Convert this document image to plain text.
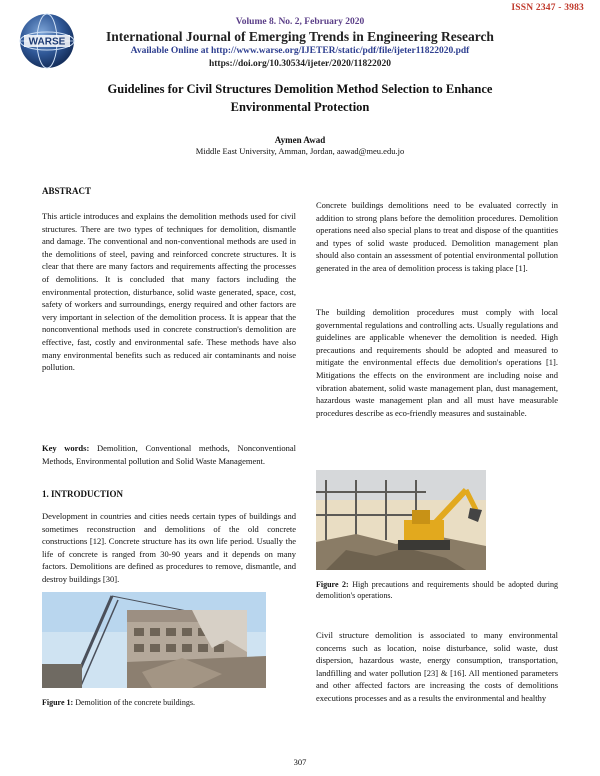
ISSN 2347 - 3983
WARSE
Volume 8. No. 2, February 2020
International Journal of Emerging Trends in Engineering Research
Available Online at http://www.warse.org/IJETER/static/pdf/file/ijeter11822020.pdf
https://doi.org/10.30534/ijeter/2020/11822020
Guidelines for Civil Structures Demolition Method Selection to Enhance Environmental Protection
Aymen Awad
Middle East University, Amman, Jordan, aawad@meu.edu.jo
ABSTRACT
This article introduces and explains the demolition methods used for civil structures. There are two types of techniques for demolition, dismantle and damage. The conventional and non-conventional methods are used in the demolitions of steel, paving and reinforced concrete structures. It is clear that there are many factors and requirements affecting the processes of demolitions. It is concluded that many factors including the environmental protection, disturbance, solid waste generated, space, cost, safety of workers and surroundings, energy required and other factors are very important in selection of the demolition process. It is appear that the nonconventional methods used in concrete construction's demolition are effective, fast, costly and environmental safe. These methods have also many environmental benefits such as reduced air contaminants and noise pollution.
Key words: Demolition, Conventional methods, Nonconventional Methods, Environmental pollution and Solid Waste Management.
1. INTRODUCTION
Development in countries and cities needs certain types of buildings and sometimes reconstruction and demolitions of the old concrete constructions [12]. Concrete structure has its own life period. Usually the life of concrete is ranged from 30-90 years and it depends on many factors. Demolitions are defined as procedures to remove, dismantle, and destroy buildings [30].
Figure 1: Demolition of the concrete buildings.
Concrete buildings demolitions need to be evaluated correctly in addition to strong plans before the demolition procedures. Demolition operations need also special plans to treat and dispose of the quantities and types of solid waste produced. Demolition management plan should also contain an assessment of potential environmental pollution generated in the area of demolition process is taking place [1].
The building demolition procedures must comply with local governmental regulations and controlling acts. Usually regulations and guidelines are applicable whenever the demolition is needed. High precautions and requirements should be adopted and measured to mitigate the environmental effects due demolition's operations [1]. Mitigations the effects on the environment are including noise and vibration abatement, solid waste management plan, dust management, hazardous waste management plan and all must have measurable procedures describe as eco-friendly measures and sustainable.
Figure 2: High precautions and requirements should be adopted during demolition's operations.
Civil structure demolition is associated to many environmental concerns such as location, noise disturbance, solid waste, dust dispersion, hazardous waste, energy consumption, transportation, landfilling and water pollution [23] & [16]. All mentioned parameters and other affected factors are increasing the costs of demolitions executions processes and as a results the environmental and healthy
307
